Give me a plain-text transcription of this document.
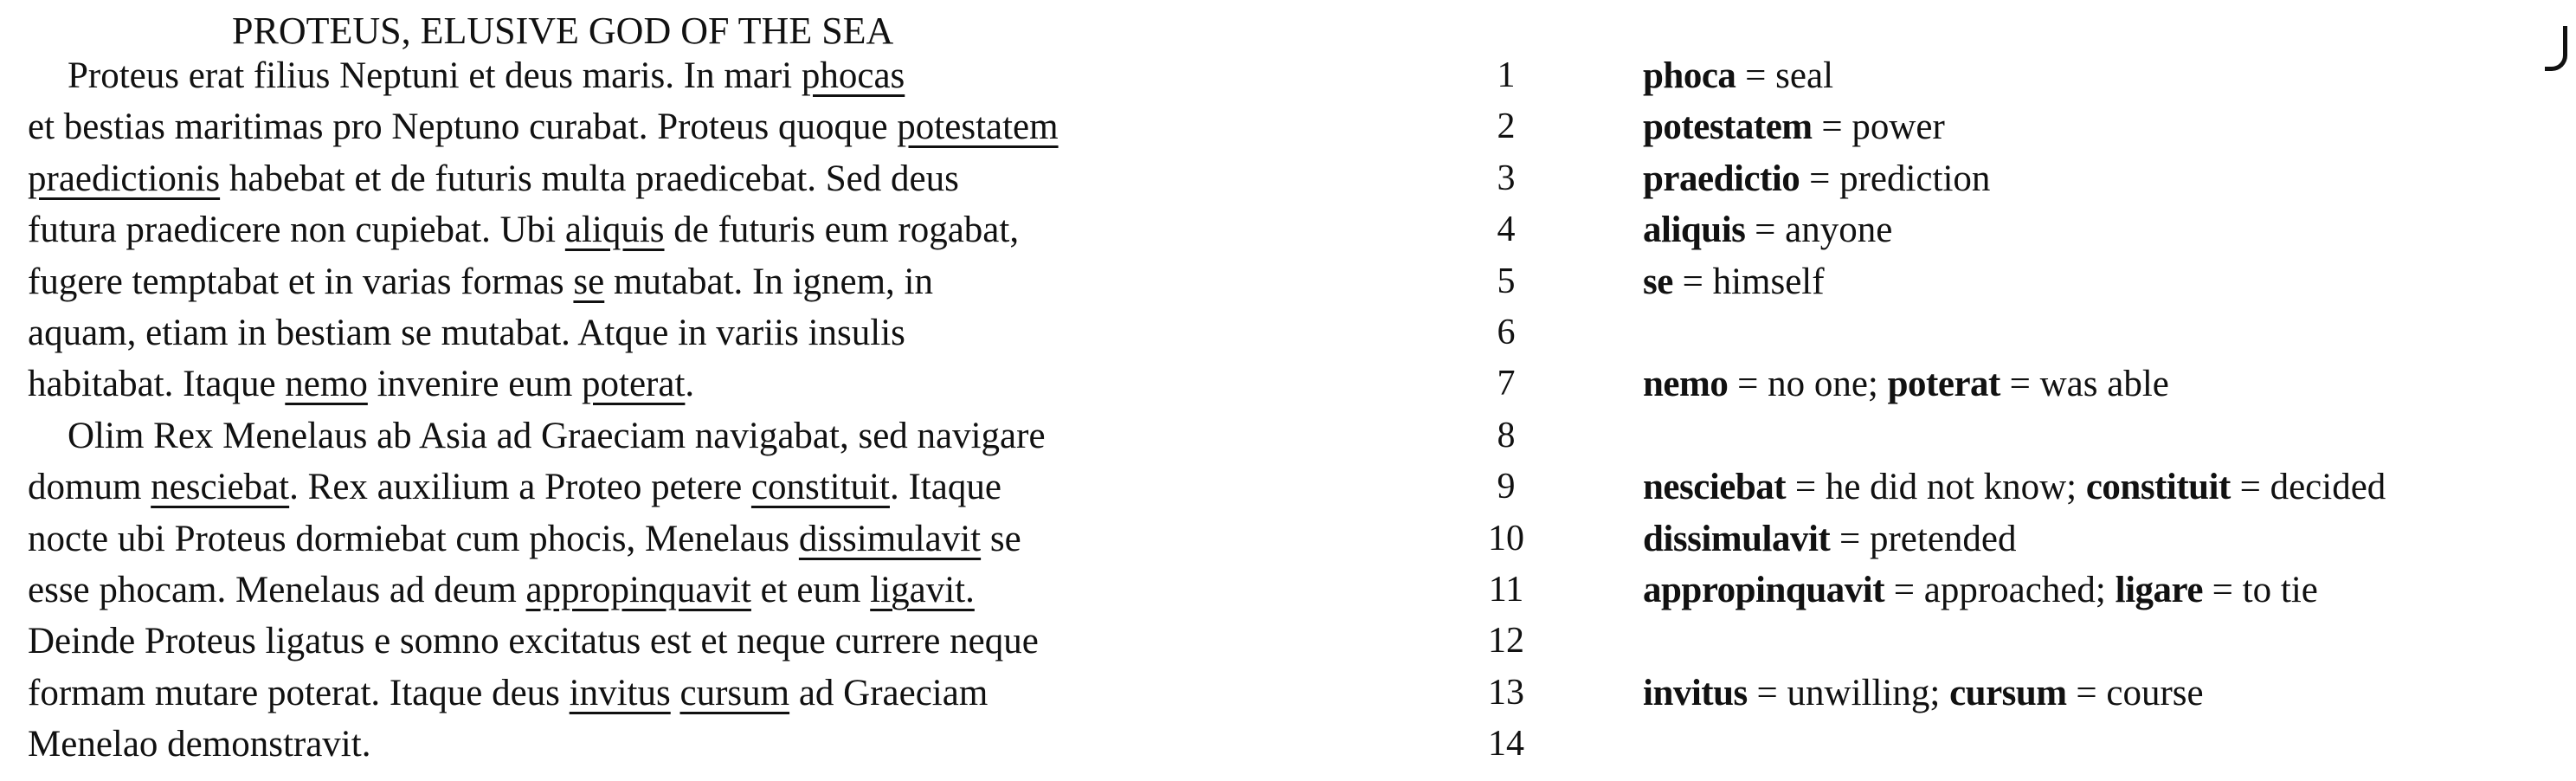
PROTEUS, ELUSIVE GOD OF THE SEA
Proteus erat filius Neptuni et deus maris. In mari phocas
et bestias maritimas pro Neptuno curabat. Proteus quoque potestatem
praedictionis habebat et de futuris multa praedicebat. Sed deus
futura praedicere non cupiebat. Ubi aliquis de futuris eum rogabat,
fugere temptabat et in varias formas se mutabat. In ignem, in
aquam, etiam in bestiam se mutabat. Atque in variis insulis
habitabat. Itaque nemo invenire eum poterat.
Olim Rex Menelaus ab Asia ad Graeciam navigabat, sed navigare
domum nesciebat. Rex auxilium a Proteo petere constituit. Itaque
nocte ubi Proteus dormiebat cum phocis, Menelaus dissimulavit se
esse phocam. Menelaus ad deum appropinquavit et eum ligavit.
Deinde Proteus ligatus e somno excitatus est et neque currere neque
formam mutare poterat. Itaque deus invitus cursum ad Graeciam
Menelao demonstravit.
1
2
3
4
5
6
7
8
9
10
11
12
13
14
phoca = seal
potestatem = power
praedictio = prediction
aliquis = anyone
se = himself
nemo = no one; poterat = was able
nesciebat = he did not know; constituit = decided
dissimulavit = pretended
appropinquavit = approached; ligare = to tie
invitus = unwilling; cursum = course
